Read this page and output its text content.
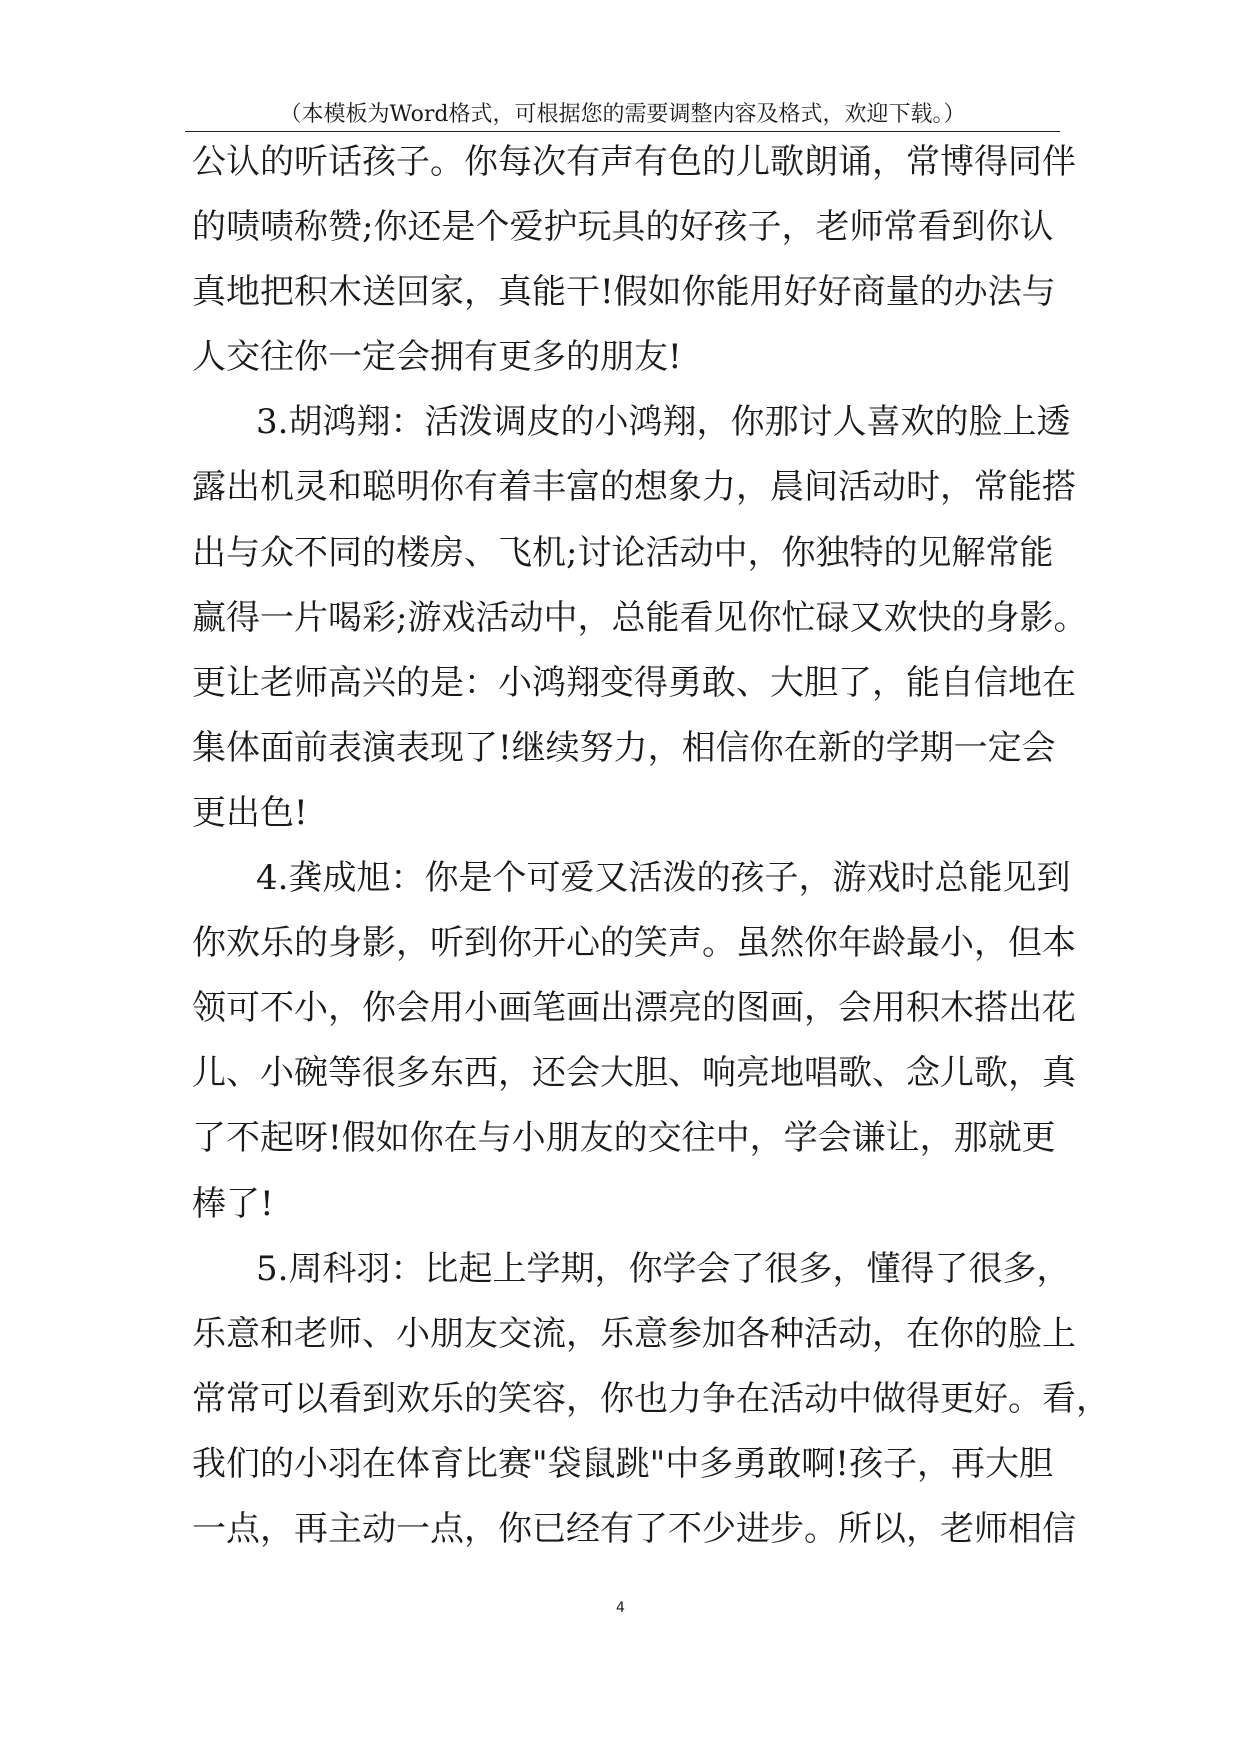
（本模板为Word格式，可根据您的需要调整内容及格式，欢迎下载。）
公认的听话孩子。你每次有声有色的儿歌朗诵，常博得同伴
的啧啧称赞;你还是个爱护玩具的好孩子，老师常看到你认
真地把积木送回家，真能干!假如你能用好好商量的办法与
人交往你一定会拥有更多的朋友!
3.胡鸿翔：活泼调皮的小鸿翔，你那讨人喜欢的脸上透
露出机灵和聪明你有着丰富的想象力，晨间活动时，常能搭
出与众不同的楼房、飞机;讨论活动中，你独特的见解常能
赢得一片喝彩;游戏活动中，总能看见你忙碌又欢快的身影。
更让老师高兴的是：小鸿翔变得勇敢、大胆了，能自信地在
集体面前表演表现了!继续努力，相信你在新的学期一定会
更出色!
4.龚成旭：你是个可爱又活泼的孩子，游戏时总能见到
你欢乐的身影，听到你开心的笑声。虽然你年龄最小，但本
领可不小，你会用小画笔画出漂亮的图画，会用积木搭出花
儿、小碗等很多东西，还会大胆、响亮地唱歌、念儿歌，真
了不起呀!假如你在与小朋友的交往中，学会谦让，那就更
棒了!
5.周科羽：比起上学期，你学会了很多，懂得了很多，
乐意和老师、小朋友交流，乐意参加各种活动，在你的脸上
常常可以看到欢乐的笑容，你也力争在活动中做得更好。看，
我们的小羽在体育比赛"袋鼠跳"中多勇敢啊!孩子，再大胆
一点，再主动一点，你已经有了不少进步。所以，老师相信
4
